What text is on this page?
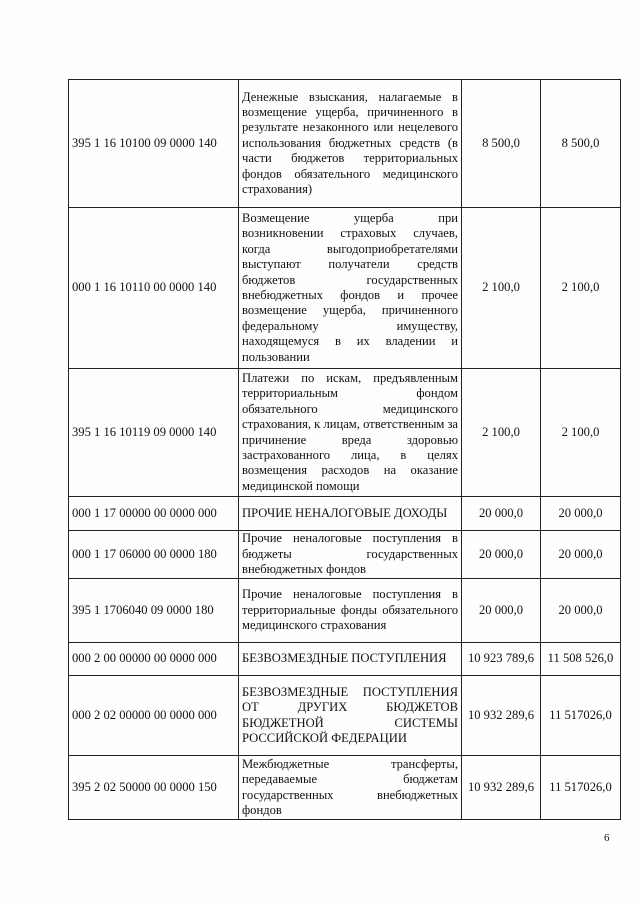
395 1 16 10100 09 0000 140	Денежные взыскания, налагаемые в возмещение ущерба, причиненного в результате незаконного или нецелевого использования бюджетных средств (в части бюджетов территориальных фондов обязательного медицинского страхования)	8 500,0	8 500,0
000 1 16 10110 00 0000 140	Возмещение ущерба при возникновении страховых случаев, когда выгодоприобретателями выступают получатели средств бюджетов государственных внебюджетных фондов и прочее возмещение ущерба, причиненного федеральному имуществу, находящемуся в их владении и пользовании	2 100,0	2 100,0
395 1 16 10119 09 0000 140	Платежи по искам, предъявленным территориальным фондом обязательного медицинского страхования, к лицам, ответственным за причинение вреда здоровью застрахованного лица, в целях возмещения расходов на оказание медицинской помощи	2 100,0	2 100,0
000 1 17 00000 00 0000 000	ПРОЧИЕ НЕНАЛОГОВЫЕ ДОХОДЫ	20 000,0	20 000,0
000 1 17 06000 00 0000 180	Прочие неналоговые поступления в бюджеты государственных внебюджетных фондов	20 000,0	20 000,0
395 1 1706040 09 0000 180	Прочие неналоговые поступления в территориальные фонды обязательного медицинского страхования	20 000,0	20 000,0
000 2 00 00000 00 0000 000	БЕЗВОЗМЕЗДНЫЕ ПОСТУПЛЕНИЯ	10 923 789,6	11 508 526,0
000 2 02 00000 00 0000 000	БЕЗВОЗМЕЗДНЫЕ ПОСТУПЛЕНИЯ ОТ ДРУГИХ БЮДЖЕТОВ БЮДЖЕТНОЙ СИСТЕМЫ РОССИЙСКОЙ ФЕДЕРАЦИИ	10 932 289,6	11 517026,0
395 2 02 50000 00 0000 150	Межбюджетные трансферты, передаваемые бюджетам государственных внебюджетных фондов	10 932 289,6	11 517026,0
6
